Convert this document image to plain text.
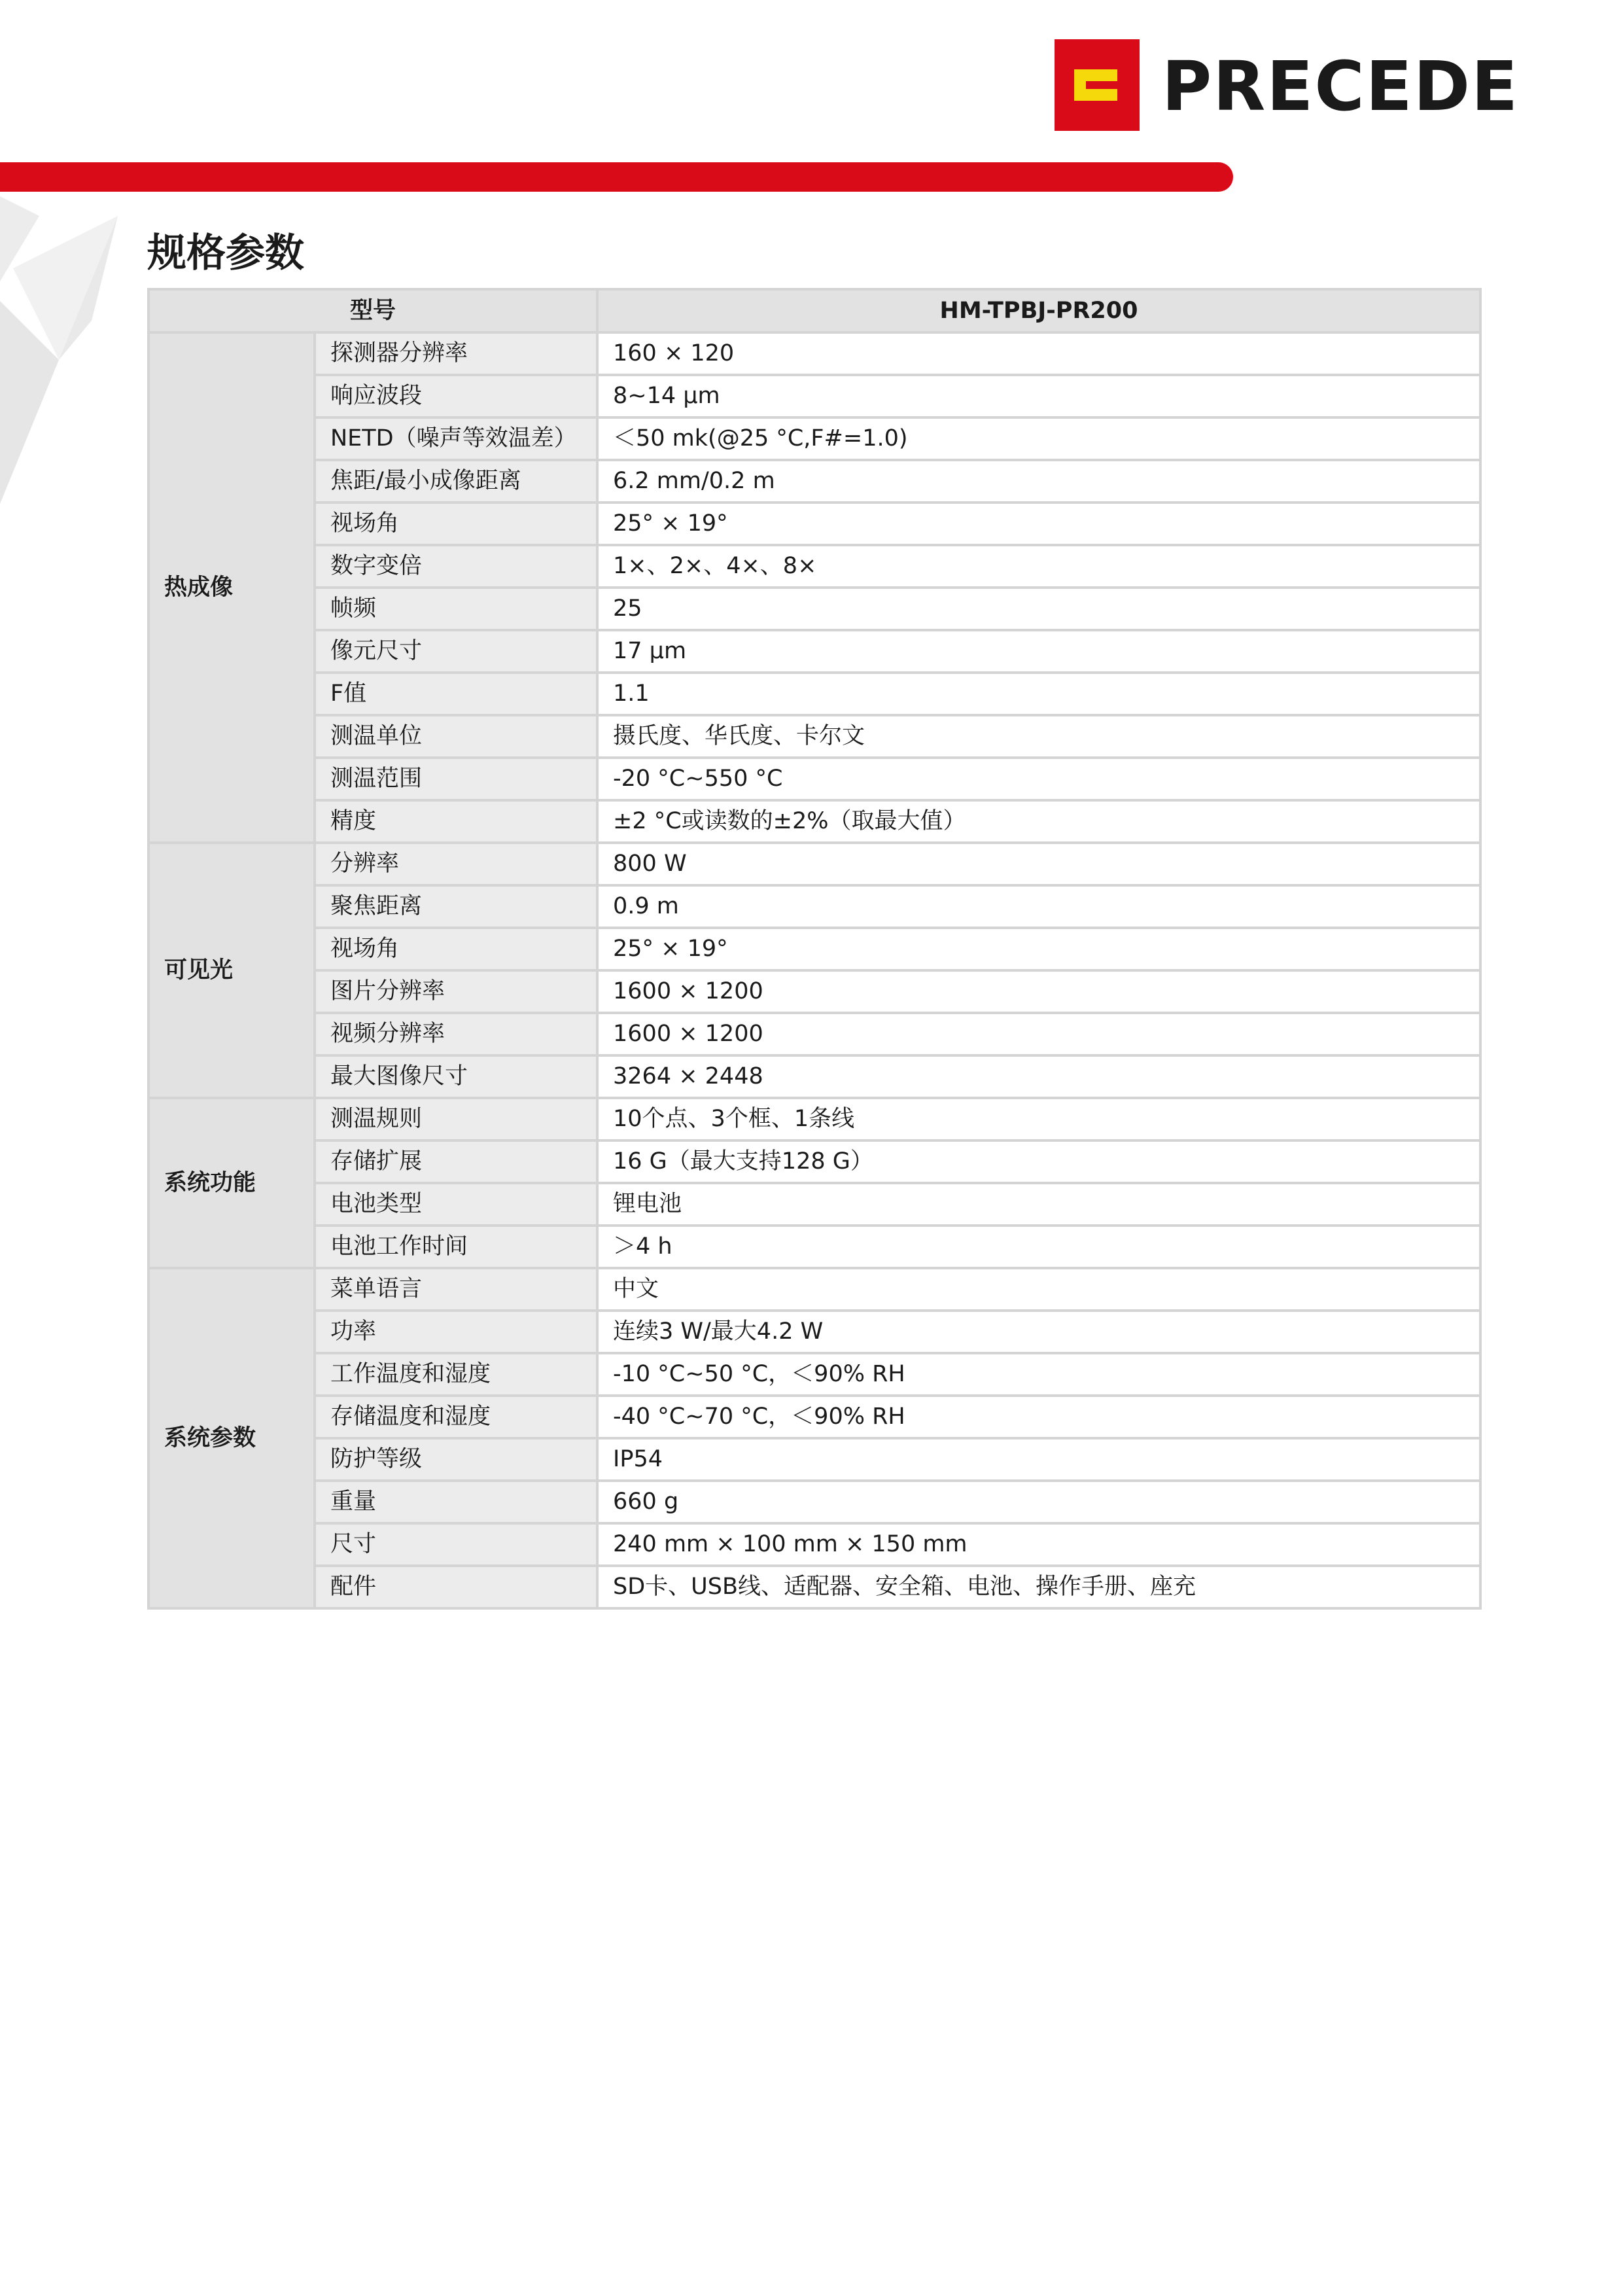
PRECEDE
规格参数
型号		HM-TPBJ-PR200
热成像	探测器分辨率	160 × 120
	响应波段	8~14 μm
	NETD（噪声等效温差）	＜50 mk(@25 °C,F#=1.0)
	焦距/最小成像距离	6.2 mm/0.2 m
	视场角	25° × 19°
	数字变倍	1×、2×、4×、8×
	帧频	25
	像元尺寸	17 μm
	F值	1.1
	测温单位	摄氏度、华氏度、卡尔文
	测温范围	-20 °C~550 °C
	精度	±2 °C或读数的±2%（取最大值）
可见光	分辨率	800 W
	聚焦距离	0.9 m
	视场角	25° × 19°
	图片分辨率	1600 × 1200
	视频分辨率	1600 × 1200
	最大图像尺寸	3264 × 2448
系统功能	测温规则	10个点、3个框、1条线
	存储扩展	16 G（最大支持128 G）
	电池类型	锂电池
	电池工作时间	＞4 h
系统参数	菜单语言	中文
	功率	连续3 W/最大4.2 W
	工作温度和湿度	-10 °C~50 °C，＜90% RH
	存储温度和湿度	-40 °C~70 °C，＜90% RH
	防护等级	IP54
	重量	660 g
	尺寸	240 mm × 100 mm × 150 mm
	配件	SD卡、USB线、适配器、安全箱、电池、操作手册、座充
